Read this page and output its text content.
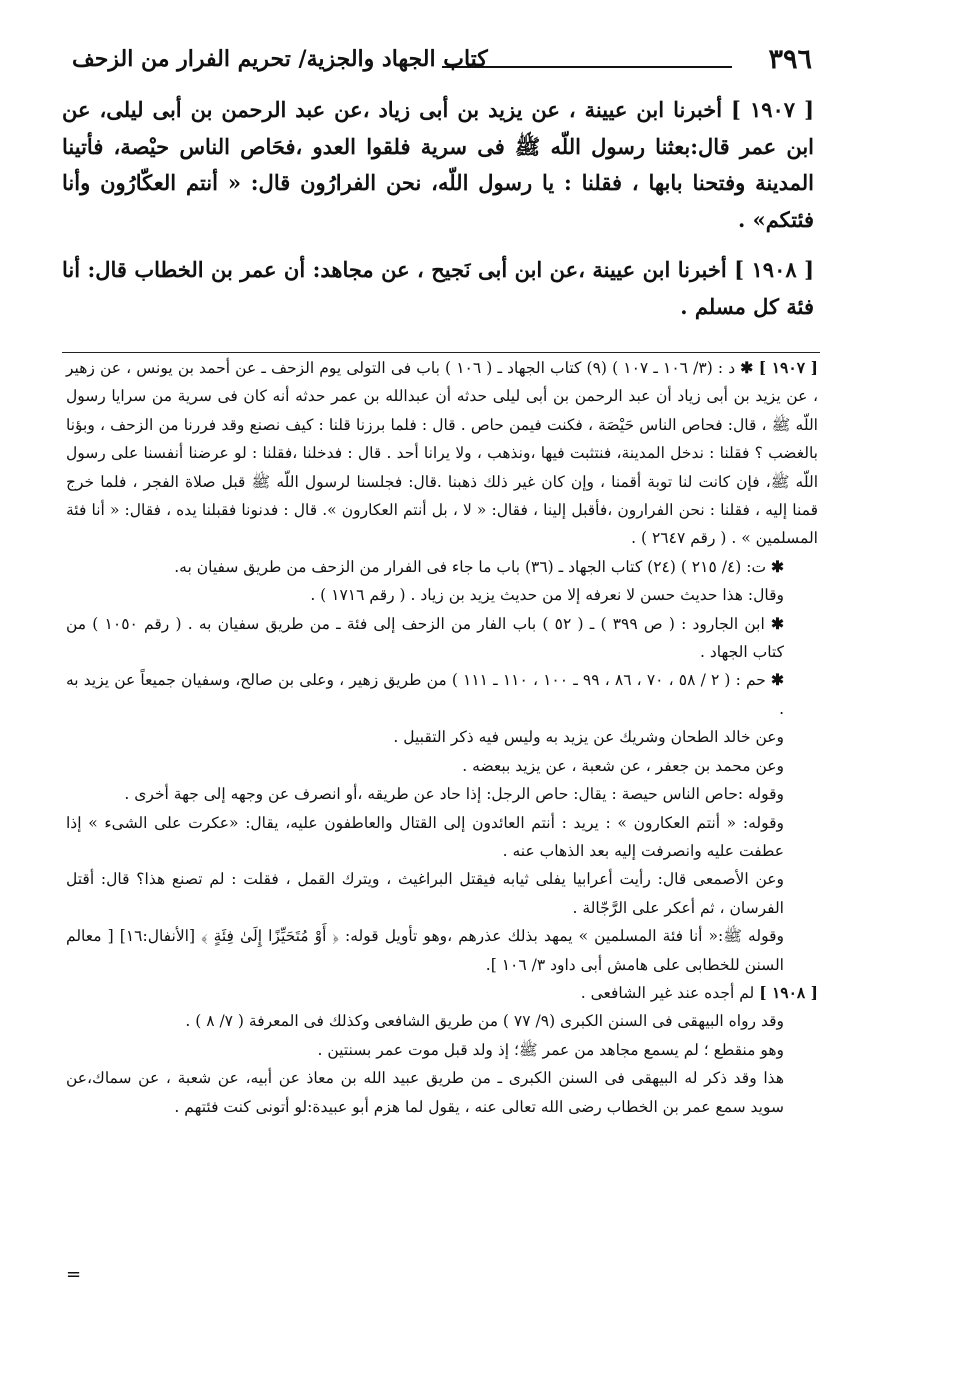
٣٩٦
كتاب الجهاد والجزية/ تحريم الفرار من الزحف

[ ١٩٠٧ ] أخبرنا ابن عيينة ، عن يزيد بن أبى زياد ،عن عبد الرحمن بن أبى ليلى، عن ابن عمر قال:بعثنا رسول اللّه ﷺ فى سرية فلقوا العدو ،فحَاص الناس حيْصة، فأتينا المدينة وفتحنا بابها ، فقلنا : يا رسول اللّه، نحن الفرارُون قال: « أنتم العكّارُون وأنا فئتكم» .

[ ١٩٠٨ ] أخبرنا ابن عيينة ،عن ابن أبى نَجيح ، عن مجاهد: أن عمر بن الخطاب قال: أنا فئة كل مسلم .

[ ١٩٠٧ ] ✱ د : (٣/ ١٠٦ ـ ١٠٧ ) (٩) كتاب الجهاد ـ ( ١٠٦ ) باب فى التولى يوم الزحف ـ عن أحمد بن يونس ، عن زهير ، عن يزيد بن أبى زياد أن عبد الرحمن بن أبى ليلى حدثه أن عبدالله بن عمر حدثه أنه كان فى سرية من سرايا رسول اللّه ﷺ ، قال: فحاص الناس حَيْصَة ، فكنت فيمن حاص . قال : فلما برزنا قلنا : كيف نصنع وقد فررنا من الزحف ، وبؤنا بالغضب ؟ فقلنا : ندخل المدينة، فنتثبت فيها ،ونذهب ، ولا يرانا أحد . قال : فدخلنا ،فقلنا : لو عرضنا أنفسنا على رسول اللّه ﷺ، فإن كانت لنا توبة أقمنا ، وإن كان غير ذلك ذهبنا .قال: فجلسنا لرسول اللّه ﷺ قبل صلاة الفجر ، فلما خرج قمنا إليه ، فقلنا : نحن الفرارون ،فأقبل إلينا ، فقال: « لا ، بل أنتم العكارون ». قال : فدنونا فقبلنا يده ، فقال: « أنا فئة المسلمين » . ( رقم ٢٦٤٧ ) .

✱ ت: (٤/ ٢١٥ ) (٢٤) كتاب الجهاد ـ (٣٦) باب ما جاء فى الفرار من الزحف من طريق سفيان به.

وقال: هذا حديث حسن لا نعرفه إلا من حديث يزيد بن زياد . ( رقم ١٧١٦ ) .

✱ ابن الجارود : ( ص ٣٩٩ ) ـ ( ٥٢ ) باب الفار من الزحف إلى فئة ـ من طريق سفيان به . ( رقم ١٠٥٠ ) من كتاب الجهاد .

✱ حم : ( ٢ / ٥٨ ، ٧٠ ، ٨٦ ، ٩٩ ـ ١٠٠ ، ١١٠ ـ ١١١ ) من طريق زهير ، وعلى بن صالح، وسفيان جميعاً عن يزيد به .

وعن خالد الطحان وشريك عن يزيد به وليس فيه ذكر التقبيل .

وعن محمد بن جعفر ، عن شعبة ، عن يزيد ببعضه .

وقوله :حاص الناس حيصة : يقال: حاص الرجل: إذا حاد عن طريقه ،أو انصرف عن وجهه إلى جهة أخرى .

وقوله: « أنتم العكارون » : يريد : أنتم العائدون إلى القتال والعاطفون عليه، يقال: «عكرت على الشىء » إذا عطفت عليه وانصرفت إليه بعد الذهاب عنه .

وعن الأصمعى قال: رأيت أعرابيا يفلى ثيابه فيقتل البراغيث ، ويترك القمل ، فقلت : لم تصنع هذا؟ قال: أقتل الفرسان ، ثم أعكر على الرَّجّالة .

وقوله ﷺ:« أنا فئة المسلمين » يمهد بذلك عذرهم ،وهو تأويل قوله: ﴿ أَوْ مُتَحَيِّزًا إِلَىٰ فِئَةٍ ﴾ [الأنفال:١٦] [ معالم السنن للخطابى على هامش أبى داود ٣/ ١٠٦ ].

[ ١٩٠٨ ] لم أجده عند غير الشافعى .

وقد رواه البيهقى فى السنن الكبرى (٩/ ٧٧ ) من طريق الشافعى وكذلك فى المعرفة ( ٧/ ٨ ) .

وهو منقطع ؛ لم يسمع مجاهد من عمر ﷺ؛ إذ ولد قبل موت عمر بسنتين .

هذا وقد ذكر له البيهقى فى السنن الكبرى ـ من طريق عبيد الله بن معاذ عن أبيه، عن شعبة ، عن سماك،عن سويد سمع عمر بن الخطاب رضى الله تعالى عنه ، يقول لما هزم أبو عبيدة:لو أتونى كنت فئتهم .

=
